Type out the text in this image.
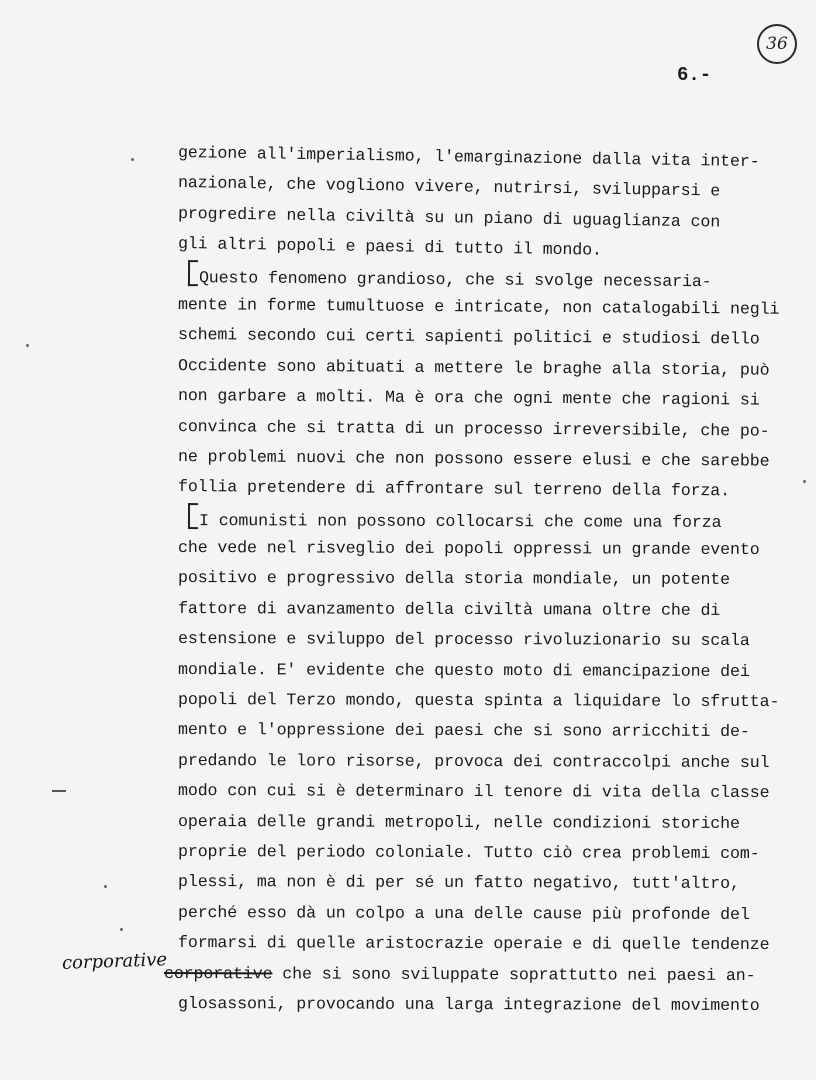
36
6.-
gezione all'imperialismo, l'emarginazione dalla vita inter-
nazionale, che vogliono vivere, nutrirsi, svilupparsi e
progredire nella civiltà su un piano di uguaglianza con
gli altri popoli e paesi di tutto il mondo.
Questo fenomeno grandioso, che si svolge necessaria-
mente in forme tumultuose e intricate, non catalogabili negli
schemi secondo cui certi sapienti politici e studiosi dello
Occidente sono abituati a mettere le braghe alla storia, può
non garbare a molti. Ma è ora che ogni mente che ragioni si
convinca che si tratta di un processo irreversibile, che po-
ne problemi nuovi che non possono essere elusi e che sarebbe
follia pretendere di affrontare sul terreno della forza.
I comunisti non possono collocarsi che come una forza
che vede nel risveglio dei popoli oppressi un grande evento
positivo e progressivo della storia mondiale, un potente
fattore di avanzamento della civiltà umana oltre che di
estensione e sviluppo del processo rivoluzionario su scala
mondiale. E' evidente che questo moto di emancipazione dei
popoli del Terzo mondo, questa spinta a liquidare lo sfrutta-
mento e l'oppressione dei paesi che si sono arricchiti de-
predando le loro risorse, provoca dei contraccolpi anche sul
modo con cui si è determinaro il tenore di vita della classe
operaia delle grandi metropoli, nelle condizioni storiche
proprie del periodo coloniale. Tutto ciò crea problemi com-
plessi, ma non è di per sé un fatto negativo, tutt'altro,
perché esso dà un colpo a una delle cause più profonde del
formarsi di quelle aristocrazie operaie e di quelle tendenze
corporative che si sono sviluppate soprattutto nei paesi an-
glosassoni, provocando una larga integrazione del movimento
corporative
